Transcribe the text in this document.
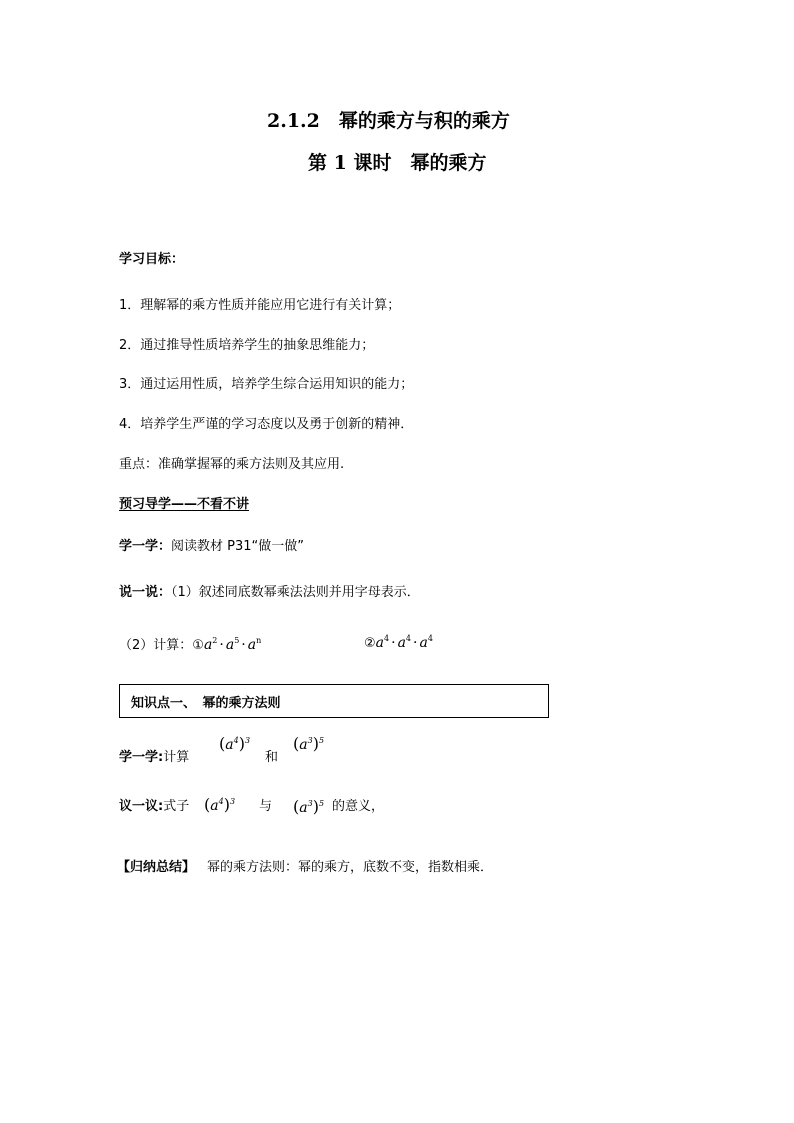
2.1.2　幂的乘方与积的乘方
第 1 课时　幂的乘方
学习目标：
1．理解幂的乘方性质并能应用它进行有关计算；
2．通过推导性质培养学生的抽象思维能力；
3．通过运用性质，培养学生综合运用知识的能力；
4．培养学生严谨的学习态度以及勇于创新的精神．
重点：准确掌握幂的乘方法则及其应用.
预习导学——不看不讲
学一学：阅读教材 P31“做一做”
说一说：（1）叙述同底数幂乘法法则并用字母表示．
（2）计算：$①a^2 \cdot a^5 \cdot a^n$	$②a^4 \cdot a^4 \cdot a^4$
知识点一、　幂的乘方法则
学一学:计算
$(a^4)^3$
和
$(a^3)^5$
议一议:式子 $(a^4)^3$ 与 $(a^3)^5$ 的意义，
【归纳总结】 幂的乘方法则：幂的乘方，底数不变，指数相乘．
